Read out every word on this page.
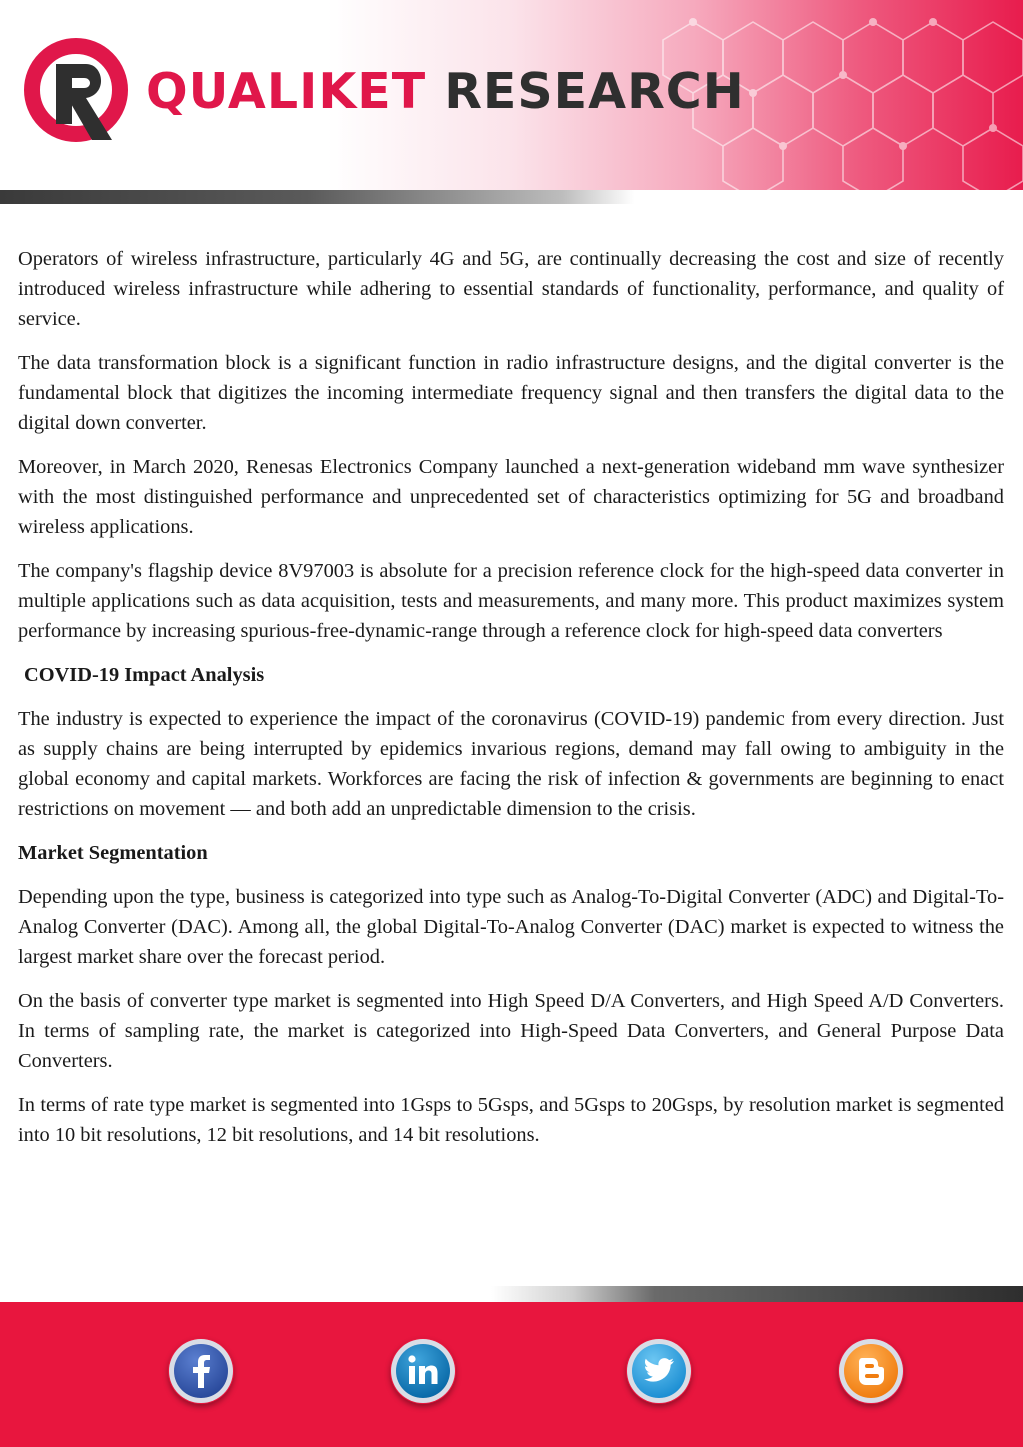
QUALIKET RESEARCH

Operators of wireless infrastructure, particularly 4G and 5G, are continually decreasing the cost and size of recently introduced wireless infrastructure while adhering to essential standards of functionality, performance, and quality of service.

The data transformation block is a significant function in radio infrastructure designs, and the digital converter is the fundamental block that digitizes the incoming intermediate frequency signal and then transfers the digital data to the digital down converter.

Moreover, in March 2020, Renesas Electronics Company launched a next-generation wideband mm wave synthesizer with the most distinguished performance and unprecedented set of characteristics optimizing for 5G and broadband wireless applications.

The company's flagship device 8V97003 is absolute for a precision reference clock for the high-speed data converter in multiple applications such as data acquisition, tests and measurements, and many more. This product maximizes system performance by increasing spurious-free-dynamic-range through a reference clock for high-speed data converters

COVID-19 Impact Analysis

The industry is expected to experience the impact of the coronavirus (COVID-19) pandemic from every direction. Just as supply chains are being interrupted by epidemics invarious regions, demand may fall owing to ambiguity in the global economy and capital markets. Workforces are facing the risk of infection & governments are beginning to enact restrictions on movement — and both add an unpredictable dimension to the crisis.

Market Segmentation

Depending upon the type, business is categorized into type such as Analog-To-Digital Converter (ADC) and Digital-To-Analog Converter (DAC). Among all, the global Digital-To-Analog Converter (DAC) market is expected to witness the largest market share over the forecast period.

On the basis of converter type market is segmented into High Speed D/A Converters, and High Speed A/D Converters. In terms of sampling rate, the market is categorized into High-Speed Data Converters, and General Purpose Data Converters.

In terms of rate type market is segmented into 1Gsps to 5Gsps, and 5Gsps to 20Gsps, by resolution market is segmented into 10 bit resolutions, 12 bit resolutions, and 14 bit resolutions.
